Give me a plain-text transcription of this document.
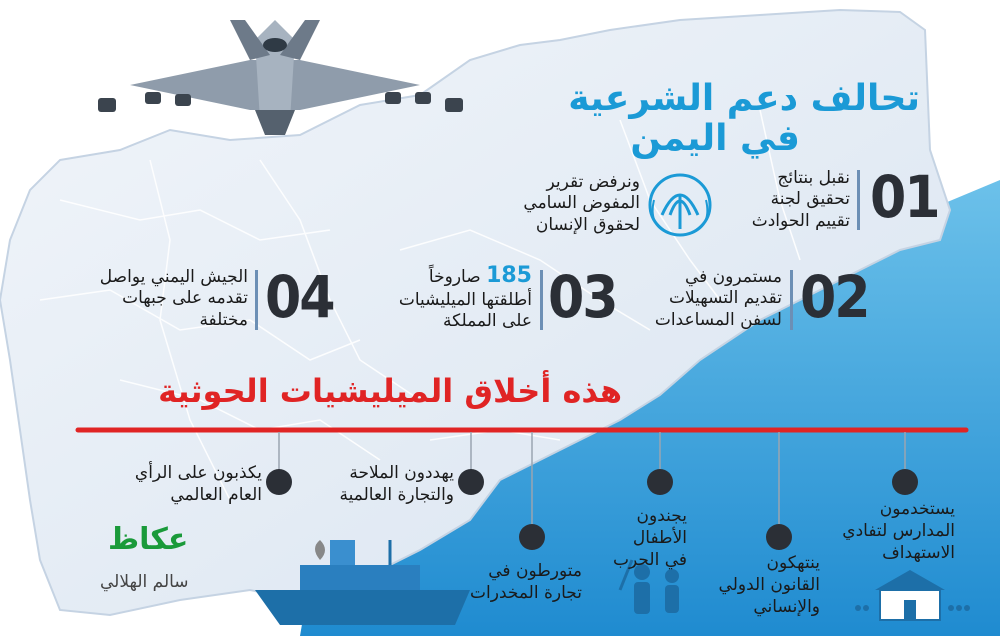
تحالف دعم الشرعية
في اليمن
01
نقبل بنتائج
تحقيق لجنة
تقييم الحوادث
ونرفض تقرير
المفوض السامي
لحقوق الإنسان
02
مستمرون في
تقديم التسهيلات
لسفن المساعدات
03
185 صاروخاً
أطلقتها الميليشيات
على المملكة
04
الجيش اليمني يواصل
تقدمه على جبهات
مختلفة
هذه أخلاق الميليشيات الحوثية
يستخدمون
المدارس لتفادي
الاستهداف
ينتهكون
القانون الدولي
والإنساني
يجندون
الأطفال
في الحرب
متورطون في
تجارة المخدرات
يهددون الملاحة
والتجارة العالمية
يكذبون على الرأي
العام العالمي
عكاظ
سالم الهلالي
